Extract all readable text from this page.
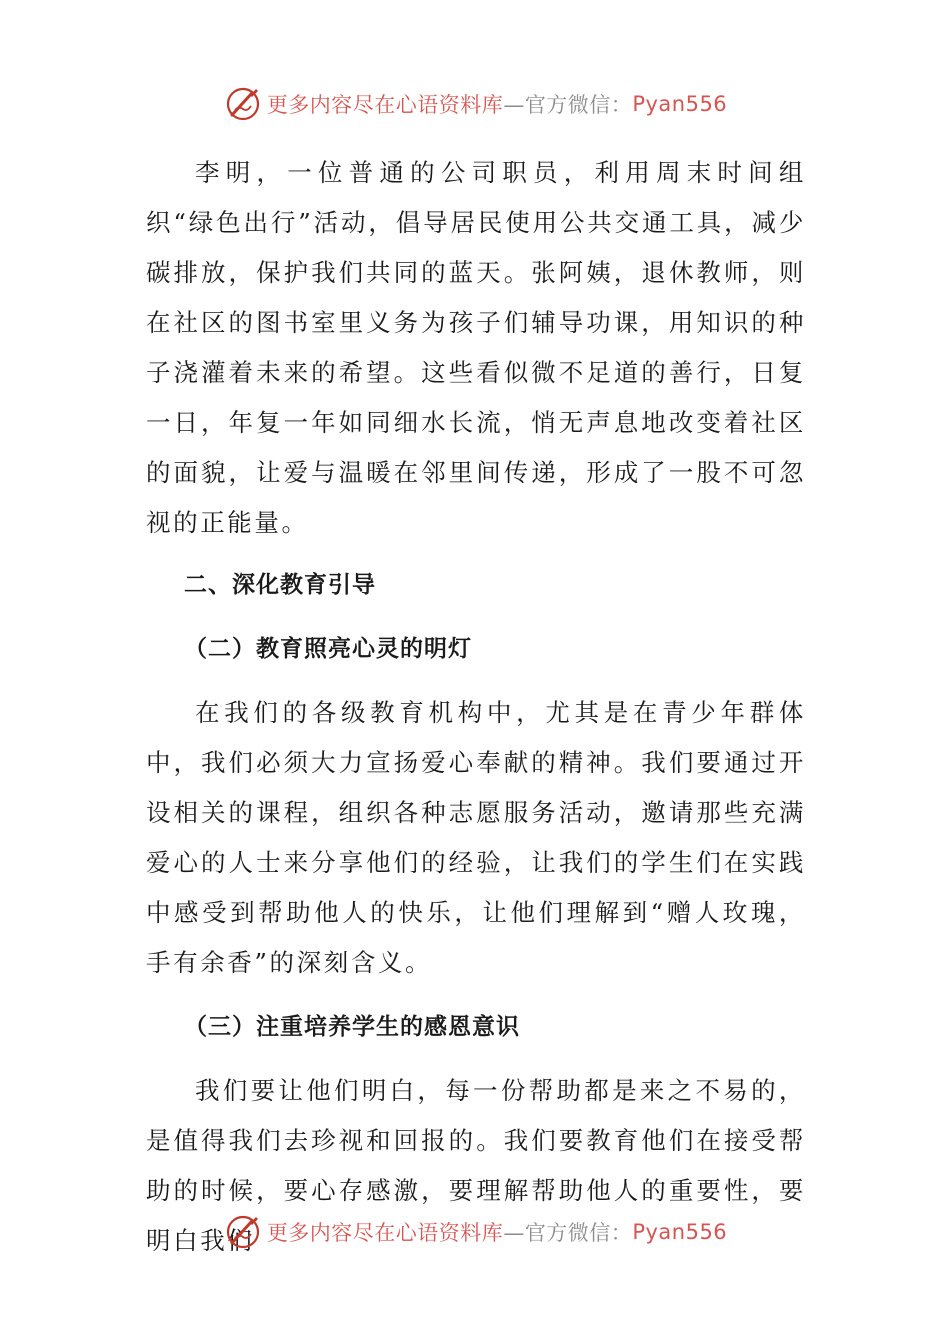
更多内容尽在心语资料库 —官方微信： Pyan556

李明，一位普通的公司职员，利用周末时间组织“绿色出行”活动，倡导居民使用公共交通工具，减少碳排放，保护我们共同的蓝天。张阿姨，退休教师，则在社区的图书室里义务为孩子们辅导功课，用知识的种子浇灌着未来的希望。这些看似微不足道的善行，日复一日，年复一年如同细水长流，悄无声息地改变着社区的面貌，让爱与温暖在邻里间传递，形成了一股不可忽视的正能量。

二、深化教育引导
（二）教育照亮心灵的明灯

在我们的各级教育机构中，尤其是在青少年群体中，我们必须大力宣扬爱心奉献的精神。我们要通过开设相关的课程，组织各种志愿服务活动，邀请那些充满爱心的人士来分享他们的经验，让我们的学生们在实践中感受到帮助他人的快乐，让他们理解到“赠人玫瑰，手有余香”的深刻含义。

（三）注重培养学生的感恩意识

我们要让他们明白，每一份帮助都是来之不易的，是值得我们去珍视和回报的。我们要教育他们在接受帮助的时候，要心存感激，要理解帮助他人的重要性，要明白我们 更多内容尽在心语资料库 —官方微信： Pyan556
